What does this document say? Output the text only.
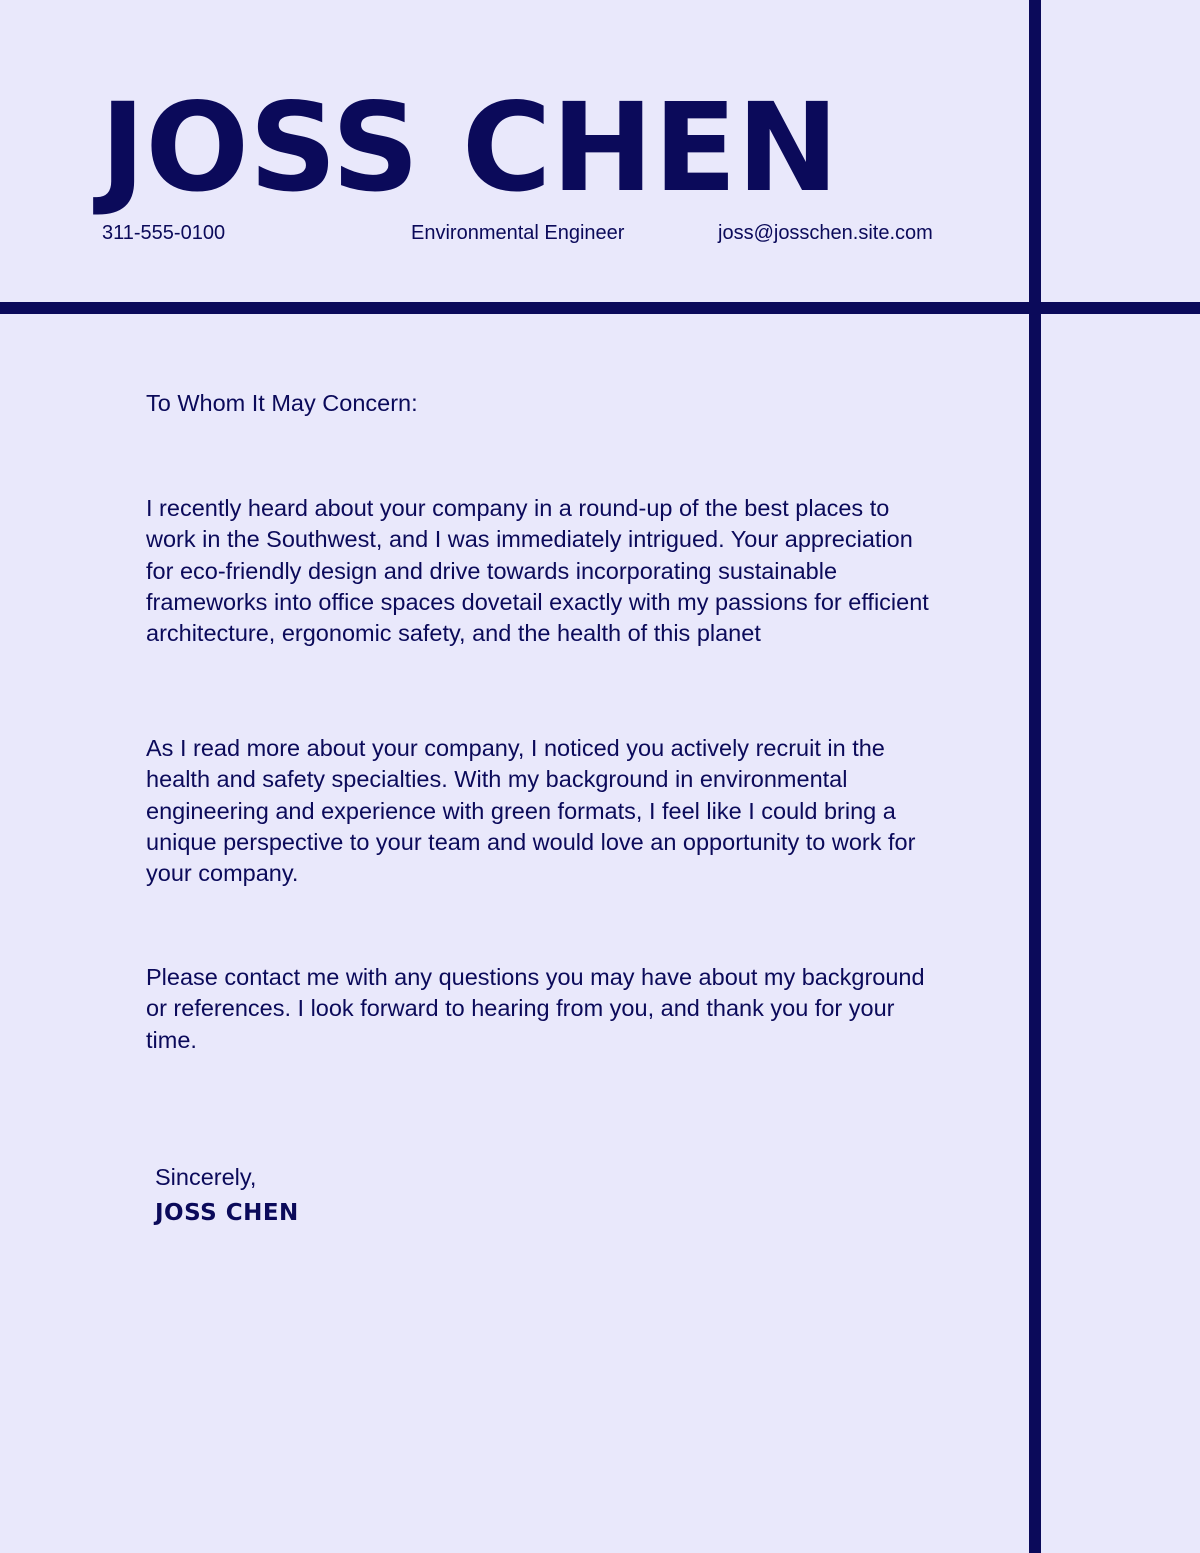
JOSS CHEN
311-555-0100	Environmental Engineer	joss@josschen.site.com

To Whom It May Concern:

I recently heard about your company in a round-up of the best places to work in the Southwest, and I was immediately intrigued. Your appreciation for eco-friendly design and drive towards incorporating sustainable frameworks into office spaces dovetail exactly with my passions for efficient architecture, ergonomic safety, and the health of this planet

As I read more about your company, I noticed you actively recruit in the health and safety specialties. With my background in environmental engineering and experience with green formats, I feel like I could bring a unique perspective to your team and would love an opportunity to work for your company.

Please contact me with any questions you may have about my background or references. I look forward to hearing from you, and thank you for your time.

Sincerely,
JOSS CHEN
